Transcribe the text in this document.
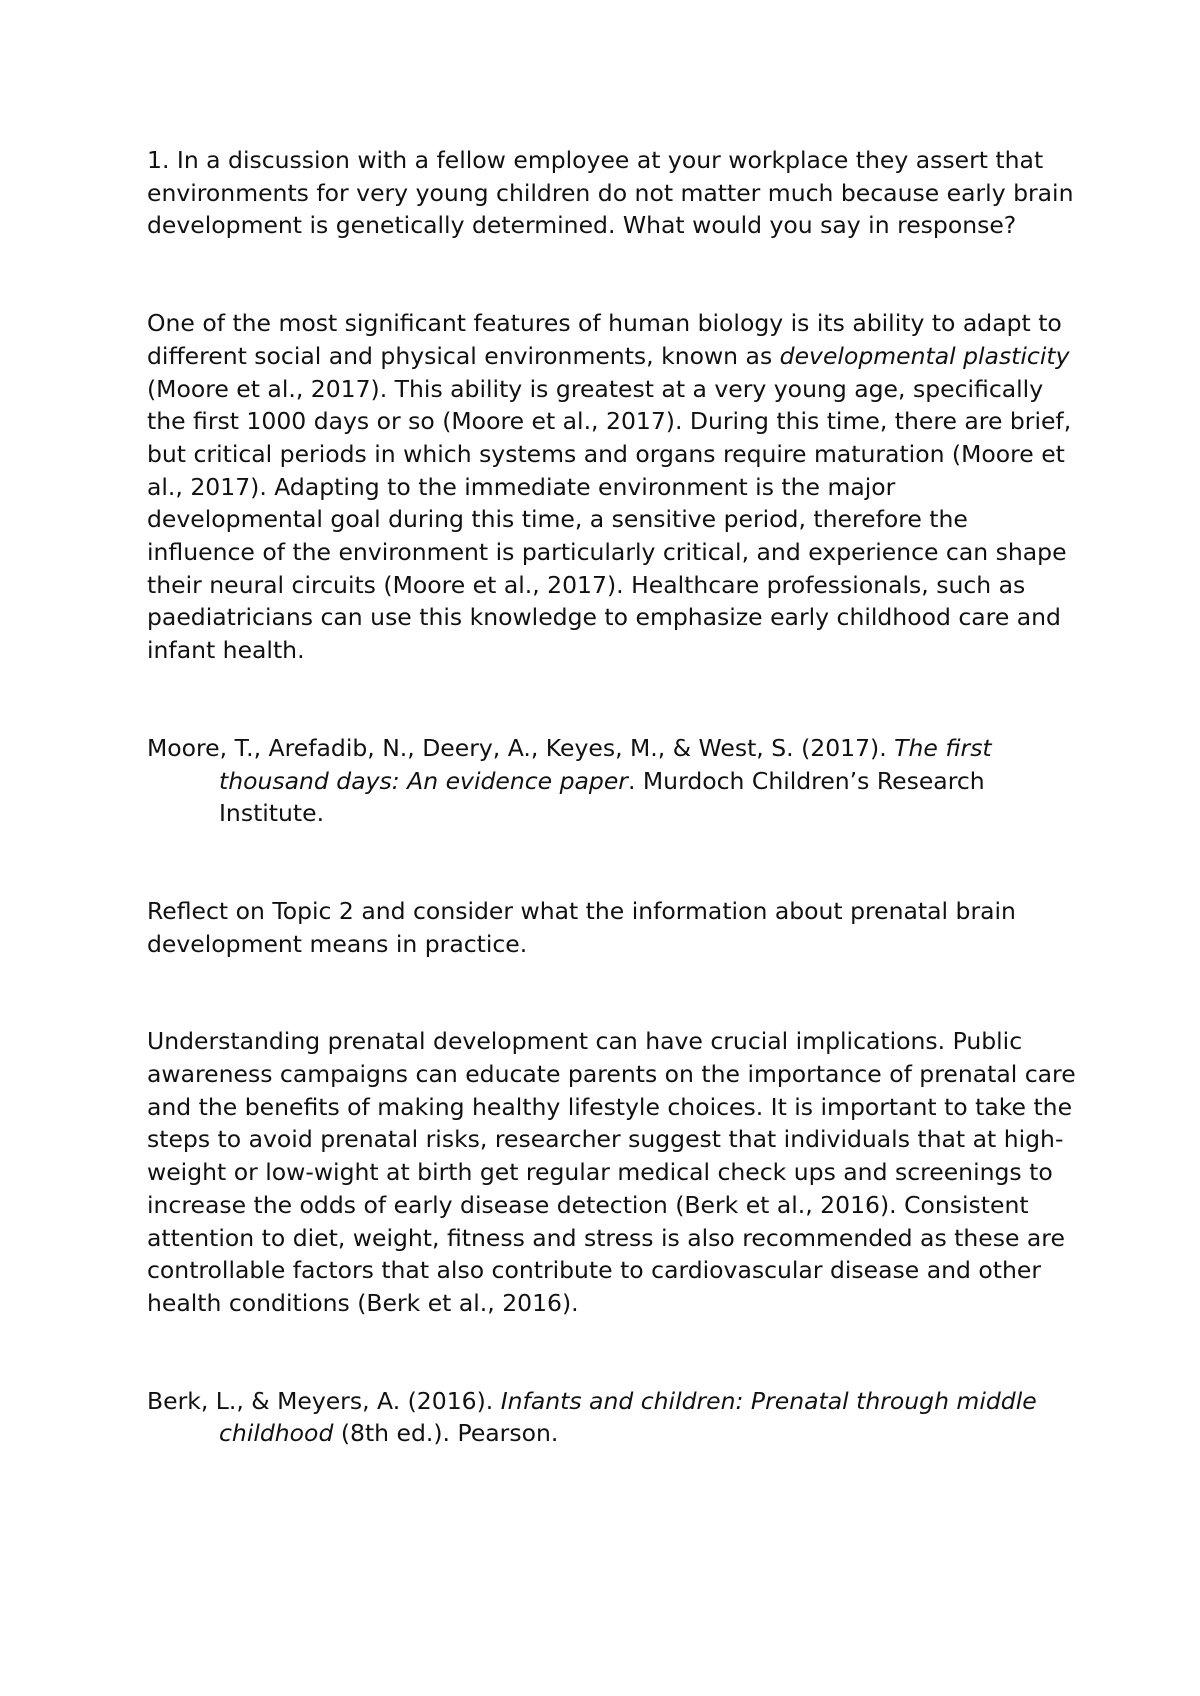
1. In a discussion with a fellow employee at your workplace they assert that environments for very young children do not matter much because early brain development is genetically determined. What would you say in response?

One of the most significant features of human biology is its ability to adapt to different social and physical environments, known as developmental plasticity (Moore et al., 2017). This ability is greatest at a very young age, specifically the first 1000 days or so (Moore et al., 2017). During this time, there are brief, but critical periods in which systems and organs require maturation (Moore et al., 2017). Adapting to the immediate environment is the major developmental goal during this time, a sensitive period, therefore the influence of the environment is particularly critical, and experience can shape their neural circuits (Moore et al., 2017). Healthcare professionals, such as paediatricians can use this knowledge to emphasize early childhood care and infant health.

Moore, T., Arefadib, N., Deery, A., Keyes, M., & West, S. (2017). The first thousand days: An evidence paper. Murdoch Children’s Research Institute.

Reflect on Topic 2 and consider what the information about prenatal brain development means in practice.

Understanding prenatal development can have crucial implications. Public awareness campaigns can educate parents on the importance of prenatal care and the benefits of making healthy lifestyle choices. It is important to take the steps to avoid prenatal risks, researcher suggest that individuals that at high-weight or low-wight at birth get regular medical check ups and screenings to increase the odds of early disease detection (Berk et al., 2016). Consistent attention to diet, weight, fitness and stress is also recommended as these are controllable factors that also contribute to cardiovascular disease and other health conditions (Berk et al., 2016).

Berk, L., & Meyers, A. (2016). Infants and children: Prenatal through middle childhood (8th ed.). Pearson.
